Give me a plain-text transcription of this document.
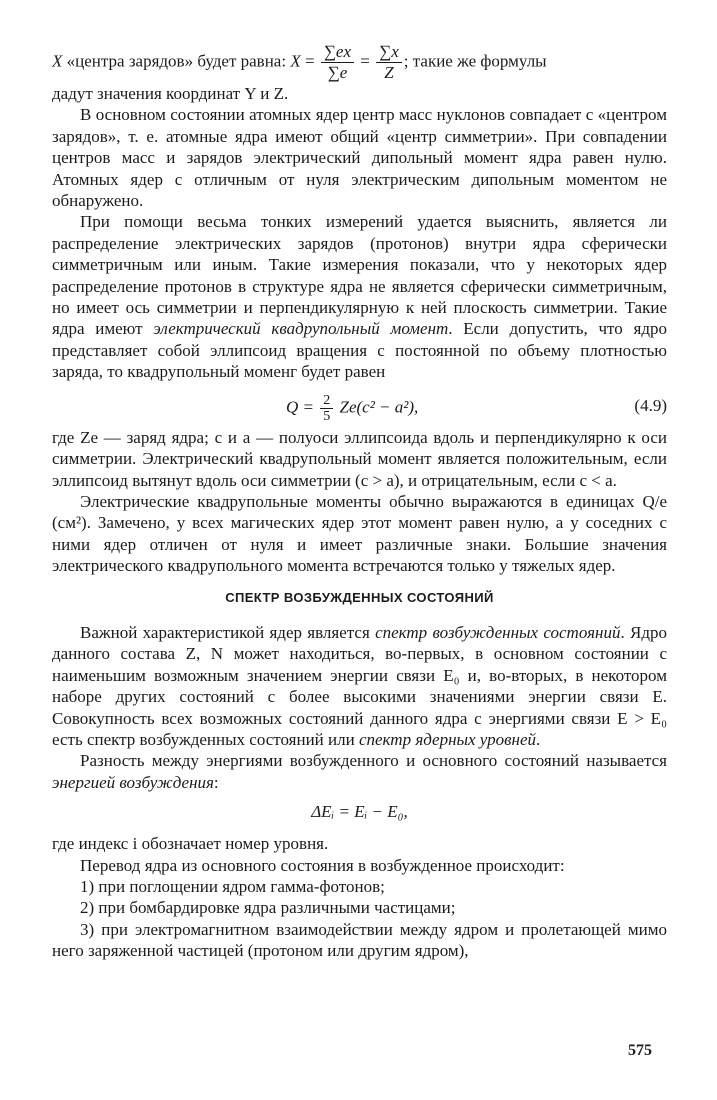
X «центра зарядов» будет равна: $X = \frac{\sum ex}{\sum e} = \frac{\sum x}{Z}$ ; такие же формулы

дадут значения координат Y и Z.

В основном состоянии атомных ядер центр масс нуклонов совпадает с «центром зарядов», т. е. атомные ядра имеют общий «центр симметрии». При совпадении центров масс и зарядов электрический дипольный момент ядра равен нулю. Атомных ядер с отличным от нуля электрическим дипольным моментом не обнаружено.

При помощи весьма тонких измерений удается выяснить, является ли распределение электрических зарядов (протонов) внутри ядра сферически симметричным или иным. Такие измерения показали, что у некоторых ядер распределение протонов в структуре ядра не является сферически симметричным, но имеет ось симметрии и перпендикулярную к ней плоскость симметрии. Такие ядра имеют электрический квадрупольный момент. Если допустить, что ядро представляет собой эллипсоид вращения с постоянной по объему плотностью заряда, то квадрупольный моменг будет равен

$Q = \frac{2}{5} Ze(c^2 - a^2)$,	(4.9)

где Ze — заряд ядра; с и а — полуоси эллипсоида вдоль и перпендикулярно к оси симметрии. Электрический квадрупольный момент является положительным, если эллипсоид вытянут вдоль оси симметрии (c > a), и отрицательным, если c < a.

Электрические квадрупольные моменты обычно выражаются в единицах Q/e (см²). Замечено, у всех магических ядер этот момент равен нулю, а у соседних с ними ядер отличен от нуля и имеет различные знаки. Большие значения электрического квадрупольного момента встречаются только у тяжелых ядер.

СПЕКТР ВОЗБУЖДЕННЫХ СОСТОЯНИЙ

Важной характеристикой ядер является спектр возбужденных состояний. Ядро данного состава Z, N может находиться, во-первых, в основном состоянии с наименьшим возможным значением энергии связи E₀ и, во-вторых, в некотором наборе других состояний с более высокими значениями энергии связи E. Совокупность всех возможных состояний данного ядра с энергиями связи E > E₀ есть спектр возбужденных состояний или спектр ядерных уровней.

Разность между энергиями возбужденного и основного состояний называется энергией возбуждения:

ΔEᵢ = Eᵢ − E₀,

где индекс i обозначает номер уровня.

Перевод ядра из основного состояния в возбужденное происходит:

1) при поглощении ядром гамма-фотонов;

2) при бомбардировке ядра различными частицами;

3) при электромагнитном взаимодействии между ядром и пролетающей мимо него заряженной частицей (протоном или другим ядром),

575
